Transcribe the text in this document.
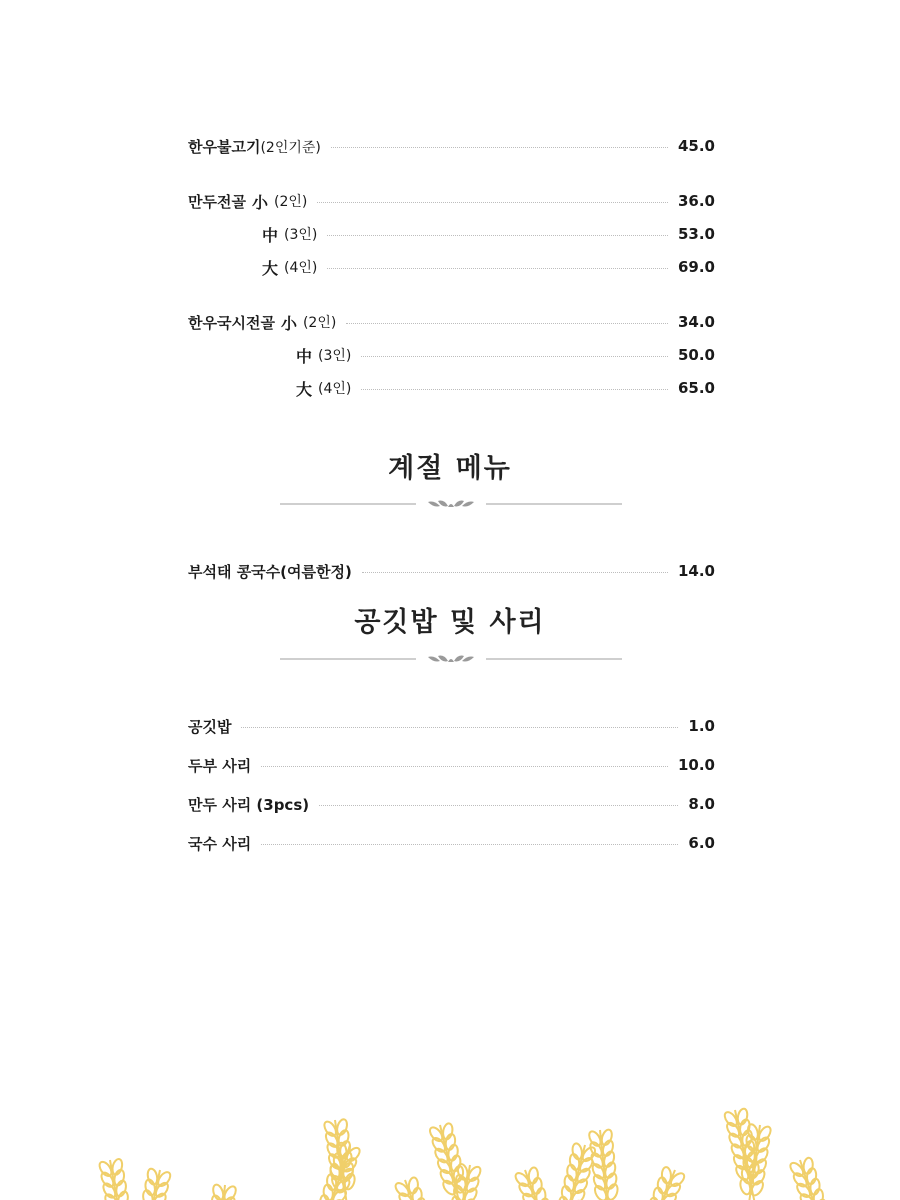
한우불고기(2인기준)	45.0
만두전골 小 (2인)	36.0
中 (3인)	53.0
大 (4인)	69.0
한우국시전골 小 (2인)	34.0
中 (3인)	50.0
大 (4인)	65.0
계절 메뉴
부석태 콩국수(여름한정)	14.0
공깃밥 및 사리
공깃밥	1.0
두부 사리	10.0
만두 사리 (3pcs)	8.0
국수 사리	6.0
